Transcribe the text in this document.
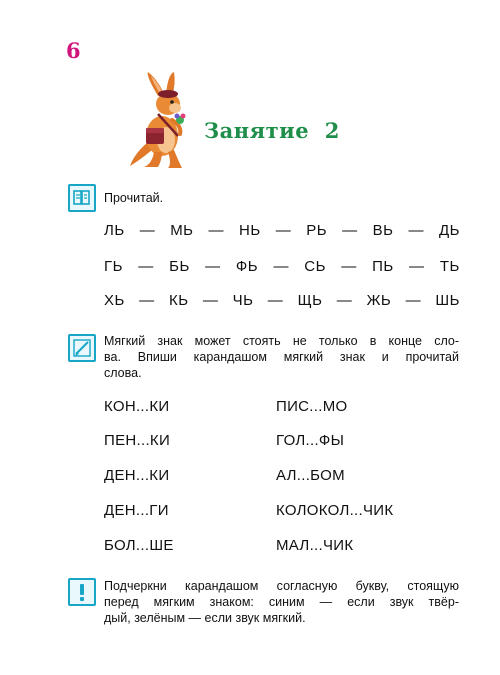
6
Занятие  2
Прочитай.
ЛЬ — МЬ — НЬ — РЬ — ВЬ — ДЬ
ГЬ — БЬ — ФЬ — СЬ — ПЬ — ТЬ
ХЬ — КЬ — ЧЬ — ЩЬ — ЖЬ — ШЬ
Мягкий знак может стоять не только в конце сло-
ва. Впиши карандашом мягкий знак и прочитай
слова.
КОН...КИ
ПЕН...КИ
ДЕН...КИ
ДЕН...ГИ
БОЛ...ШЕ
ПИС...МО
ГОЛ...ФЫ
АЛ...БОМ
КОЛОКОЛ...ЧИК
МАЛ...ЧИК
Подчеркни карандашом согласную букву, стоящую
перед мягким знаком: синим — если звук твёр-
дый, зелёным — если звук мягкий.
